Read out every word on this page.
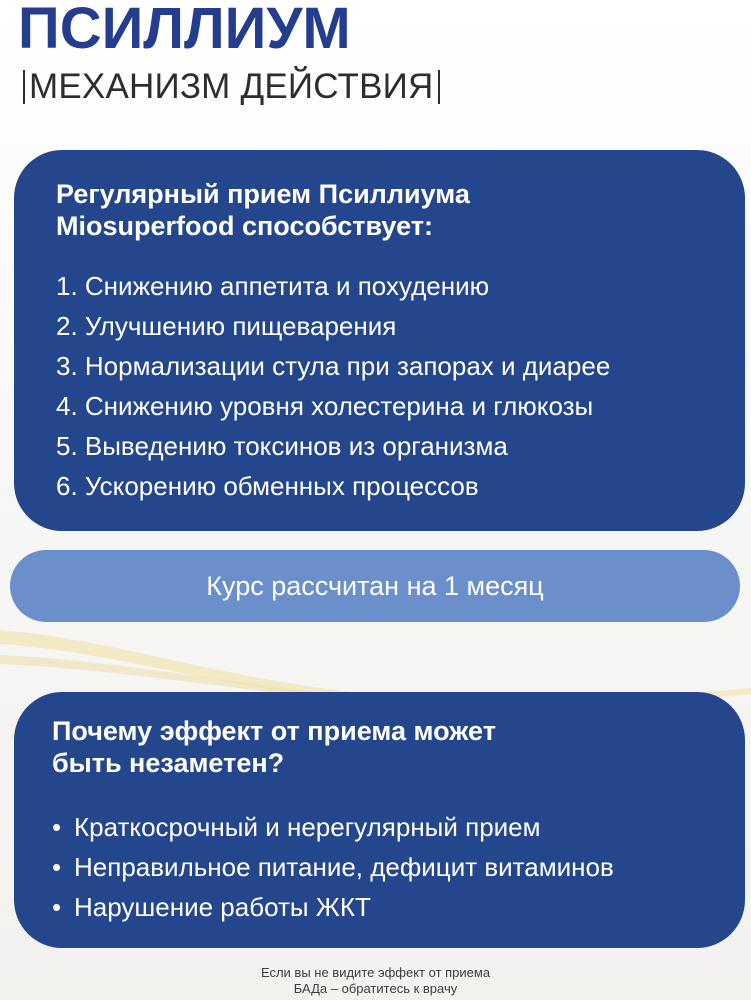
ПСИЛЛИУМ
МЕХАНИЗМ ДЕЙСТВИЯ

Регулярный прием Псиллиума Miosuperfood способствует:

1. Снижению аппетита и похудению
2. Улучшению пищеварения
3. Нормализации стула при запорах и диарее
4. Снижению уровня холестерина и глюкозы
5. Выведению токсинов из организма
6. Ускорению обменных процессов
Курс рассчитан на 1 месяц

Почему эффект от приема может быть незаметен?

• Краткосрочный и нерегулярный прием
• Неправильное питание, дефицит витаминов
• Нарушение работы ЖКТ
Если вы не видите эффект от приема
БАДа – обратитесь к врачу
